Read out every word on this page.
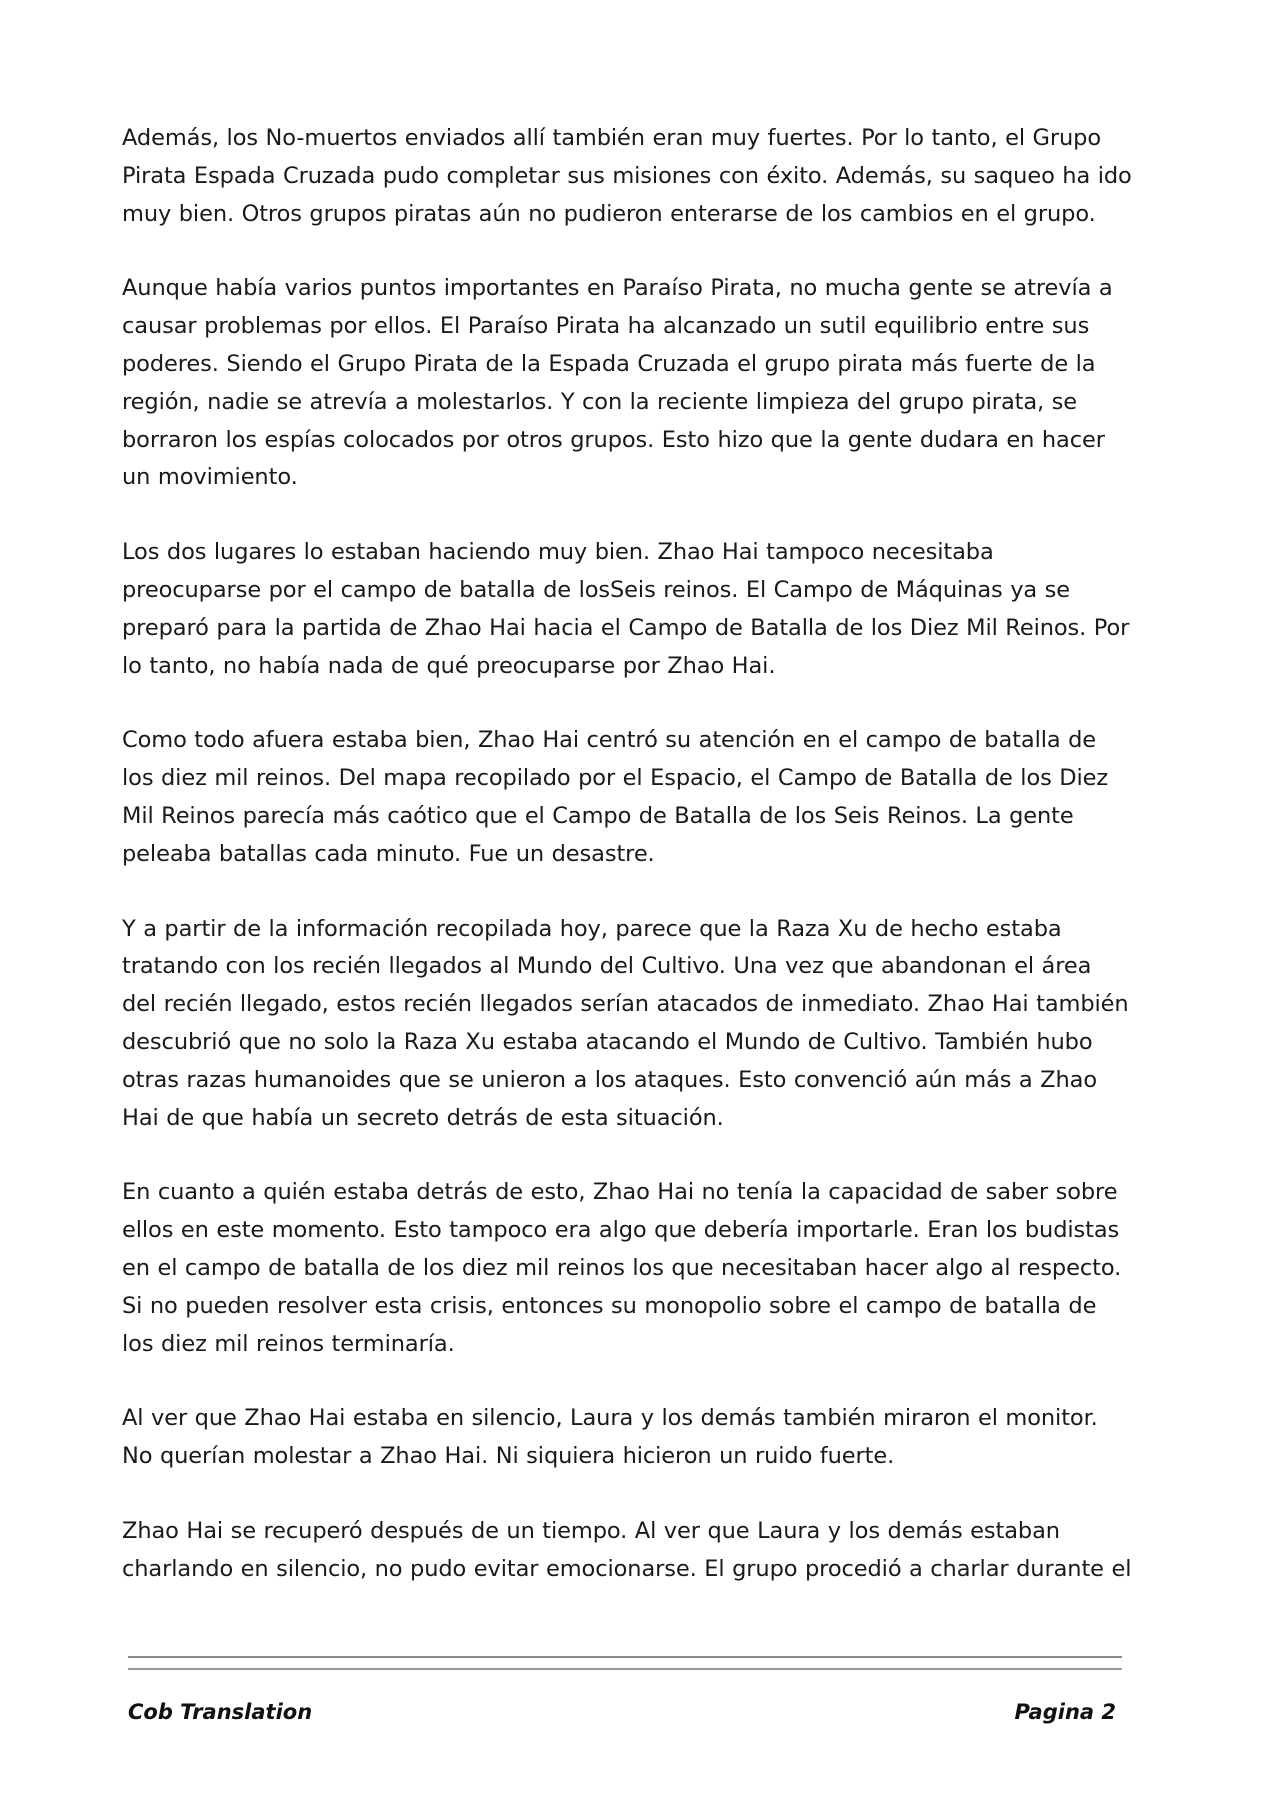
Además, los No-muertos enviados allí también eran muy fuertes. Por lo tanto, el Grupo Pirata Espada Cruzada pudo completar sus misiones con éxito. Además, su saqueo ha ido muy bien. Otros grupos piratas aún no pudieron enterarse de los cambios en el grupo.

Aunque había varios puntos importantes en Paraíso Pirata, no mucha gente se atrevía a causar problemas por ellos. El Paraíso Pirata ha alcanzado un sutil equilibrio entre sus poderes. Siendo el Grupo Pirata de la Espada Cruzada el grupo pirata más fuerte de la región, nadie se atrevía a molestarlos. Y con la reciente limpieza del grupo pirata, se borraron los espías colocados por otros grupos. Esto hizo que la gente dudara en hacer un movimiento.

Los dos lugares lo estaban haciendo muy bien. Zhao Hai tampoco necesitaba preocuparse por el campo de batalla de losSeis reinos. El Campo de Máquinas ya se preparó para la partida de Zhao Hai hacia el Campo de Batalla de los Diez Mil Reinos. Por lo tanto, no había nada de qué preocuparse por Zhao Hai.

Como todo afuera estaba bien, Zhao Hai centró su atención en el campo de batalla de los diez mil reinos. Del mapa recopilado por el Espacio, el Campo de Batalla de los Diez Mil Reinos parecía más caótico que el Campo de Batalla de los Seis Reinos. La gente peleaba batallas cada minuto. Fue un desastre.

Y a partir de la información recopilada hoy, parece que la Raza Xu de hecho estaba tratando con los recién llegados al Mundo del Cultivo. Una vez que abandonan el área del recién llegado, estos recién llegados serían atacados de inmediato. Zhao Hai también descubrió que no solo la Raza Xu estaba atacando el Mundo de Cultivo. También hubo otras razas humanoides que se unieron a los ataques. Esto convenció aún más a Zhao Hai de que había un secreto detrás de esta situación.

En cuanto a quién estaba detrás de esto, Zhao Hai no tenía la capacidad de saber sobre ellos en este momento. Esto tampoco era algo que debería importarle. Eran los budistas en el campo de batalla de los diez mil reinos los que necesitaban hacer algo al respecto. Si no pueden resolver esta crisis, entonces su monopolio sobre el campo de batalla de los diez mil reinos terminaría.

Al ver que Zhao Hai estaba en silencio, Laura y los demás también miraron el monitor. No querían molestar a Zhao Hai. Ni siquiera hicieron un ruido fuerte.

Zhao Hai se recuperó después de un tiempo. Al ver que Laura y los demás estaban charlando en silencio, no pudo evitar emocionarse. El grupo procedió a charlar durante el

Cob Translation	Pagina 2
